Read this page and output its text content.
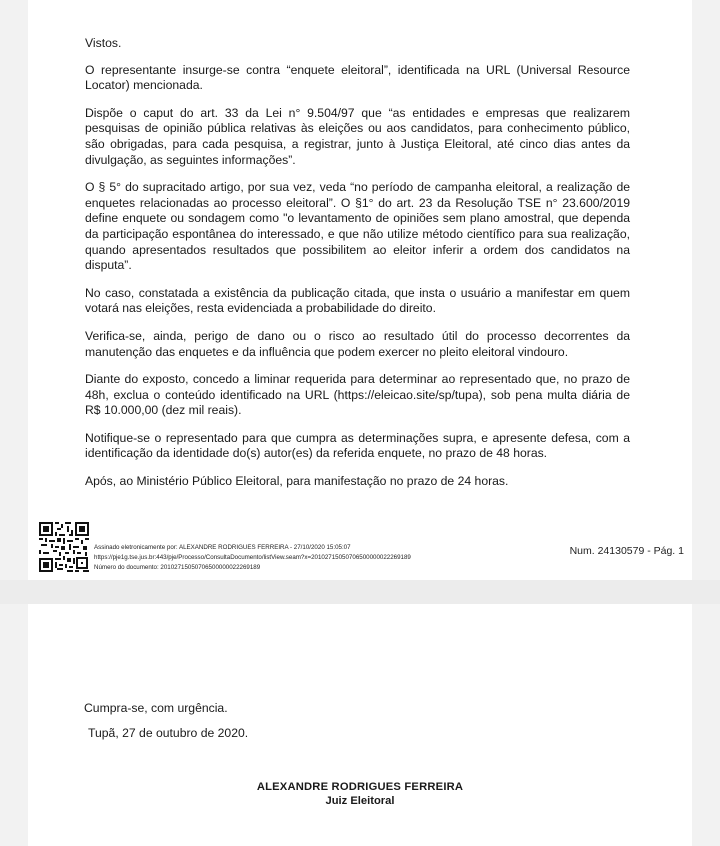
Vistos.

O representante insurge-se contra “enquete eleitoral”, identificada na URL (Universal Resource Locator) mencionada.

Dispõe o caput do art. 33 da Lei n° 9.504/97 que “as entidades e empresas que realizarem pesquisas de opinião pública relativas às eleições ou aos candidatos, para conhecimento público, são obrigadas, para cada pesquisa, a registrar, junto à Justiça Eleitoral, até cinco dias antes da divulgação, as seguintes informações”.

O § 5° do supracitado artigo, por sua vez, veda “no período de campanha eleitoral, a realização de enquetes relacionadas ao processo eleitoral”. O §1° do art. 23 da Resolução TSE n° 23.600/2019 define enquete ou sondagem como "o levantamento de opiniões sem plano amostral, que dependa da participação espontânea do interessado, e que não utilize método científico para sua realização, quando apresentados resultados que possibilitem ao eleitor inferir a ordem dos candidatos na disputa”.

No caso, constatada a existência da publicação citada, que insta o usuário a manifestar em quem votará nas eleições, resta evidenciada a probabilidade do direito.

Verifica-se, ainda, perigo de dano ou o risco ao resultado útil do processo decorrentes da manutenção das enquetes e da influência que podem exercer no pleito eleitoral vindouro.

Diante do exposto, concedo a liminar requerida para determinar ao representado que, no prazo de 48h, exclua o conteúdo identificado na URL (https://eleicao.site/sp/tupa), sob pena multa diária de R$ 10.000,00 (dez mil reais).

Notifique-se o representado para que cumpra as determinações supra, e apresente defesa, com a identificação da identidade do(s) autor(es) da referida enquete, no prazo de 48 horas.

Após, ao Ministério Público Eleitoral, para manifestação no prazo de 24 horas.

Assinado eletronicamente por: ALEXANDRE RODRIGUES FERREIRA - 27/10/2020 15:05:07
https://pje1g.tse.jus.br:443/pje/Processo/ConsultaDocumento/listView.seam?x=20102715050706500000022269189
Número do documento: 20102715050706500000022269189
Num. 24130579 - Pág. 1
Cumpra-se, com urgência.
Tupã, 27 de outubro de 2020.
ALEXANDRE RODRIGUES FERREIRA
Juiz Eleitoral
